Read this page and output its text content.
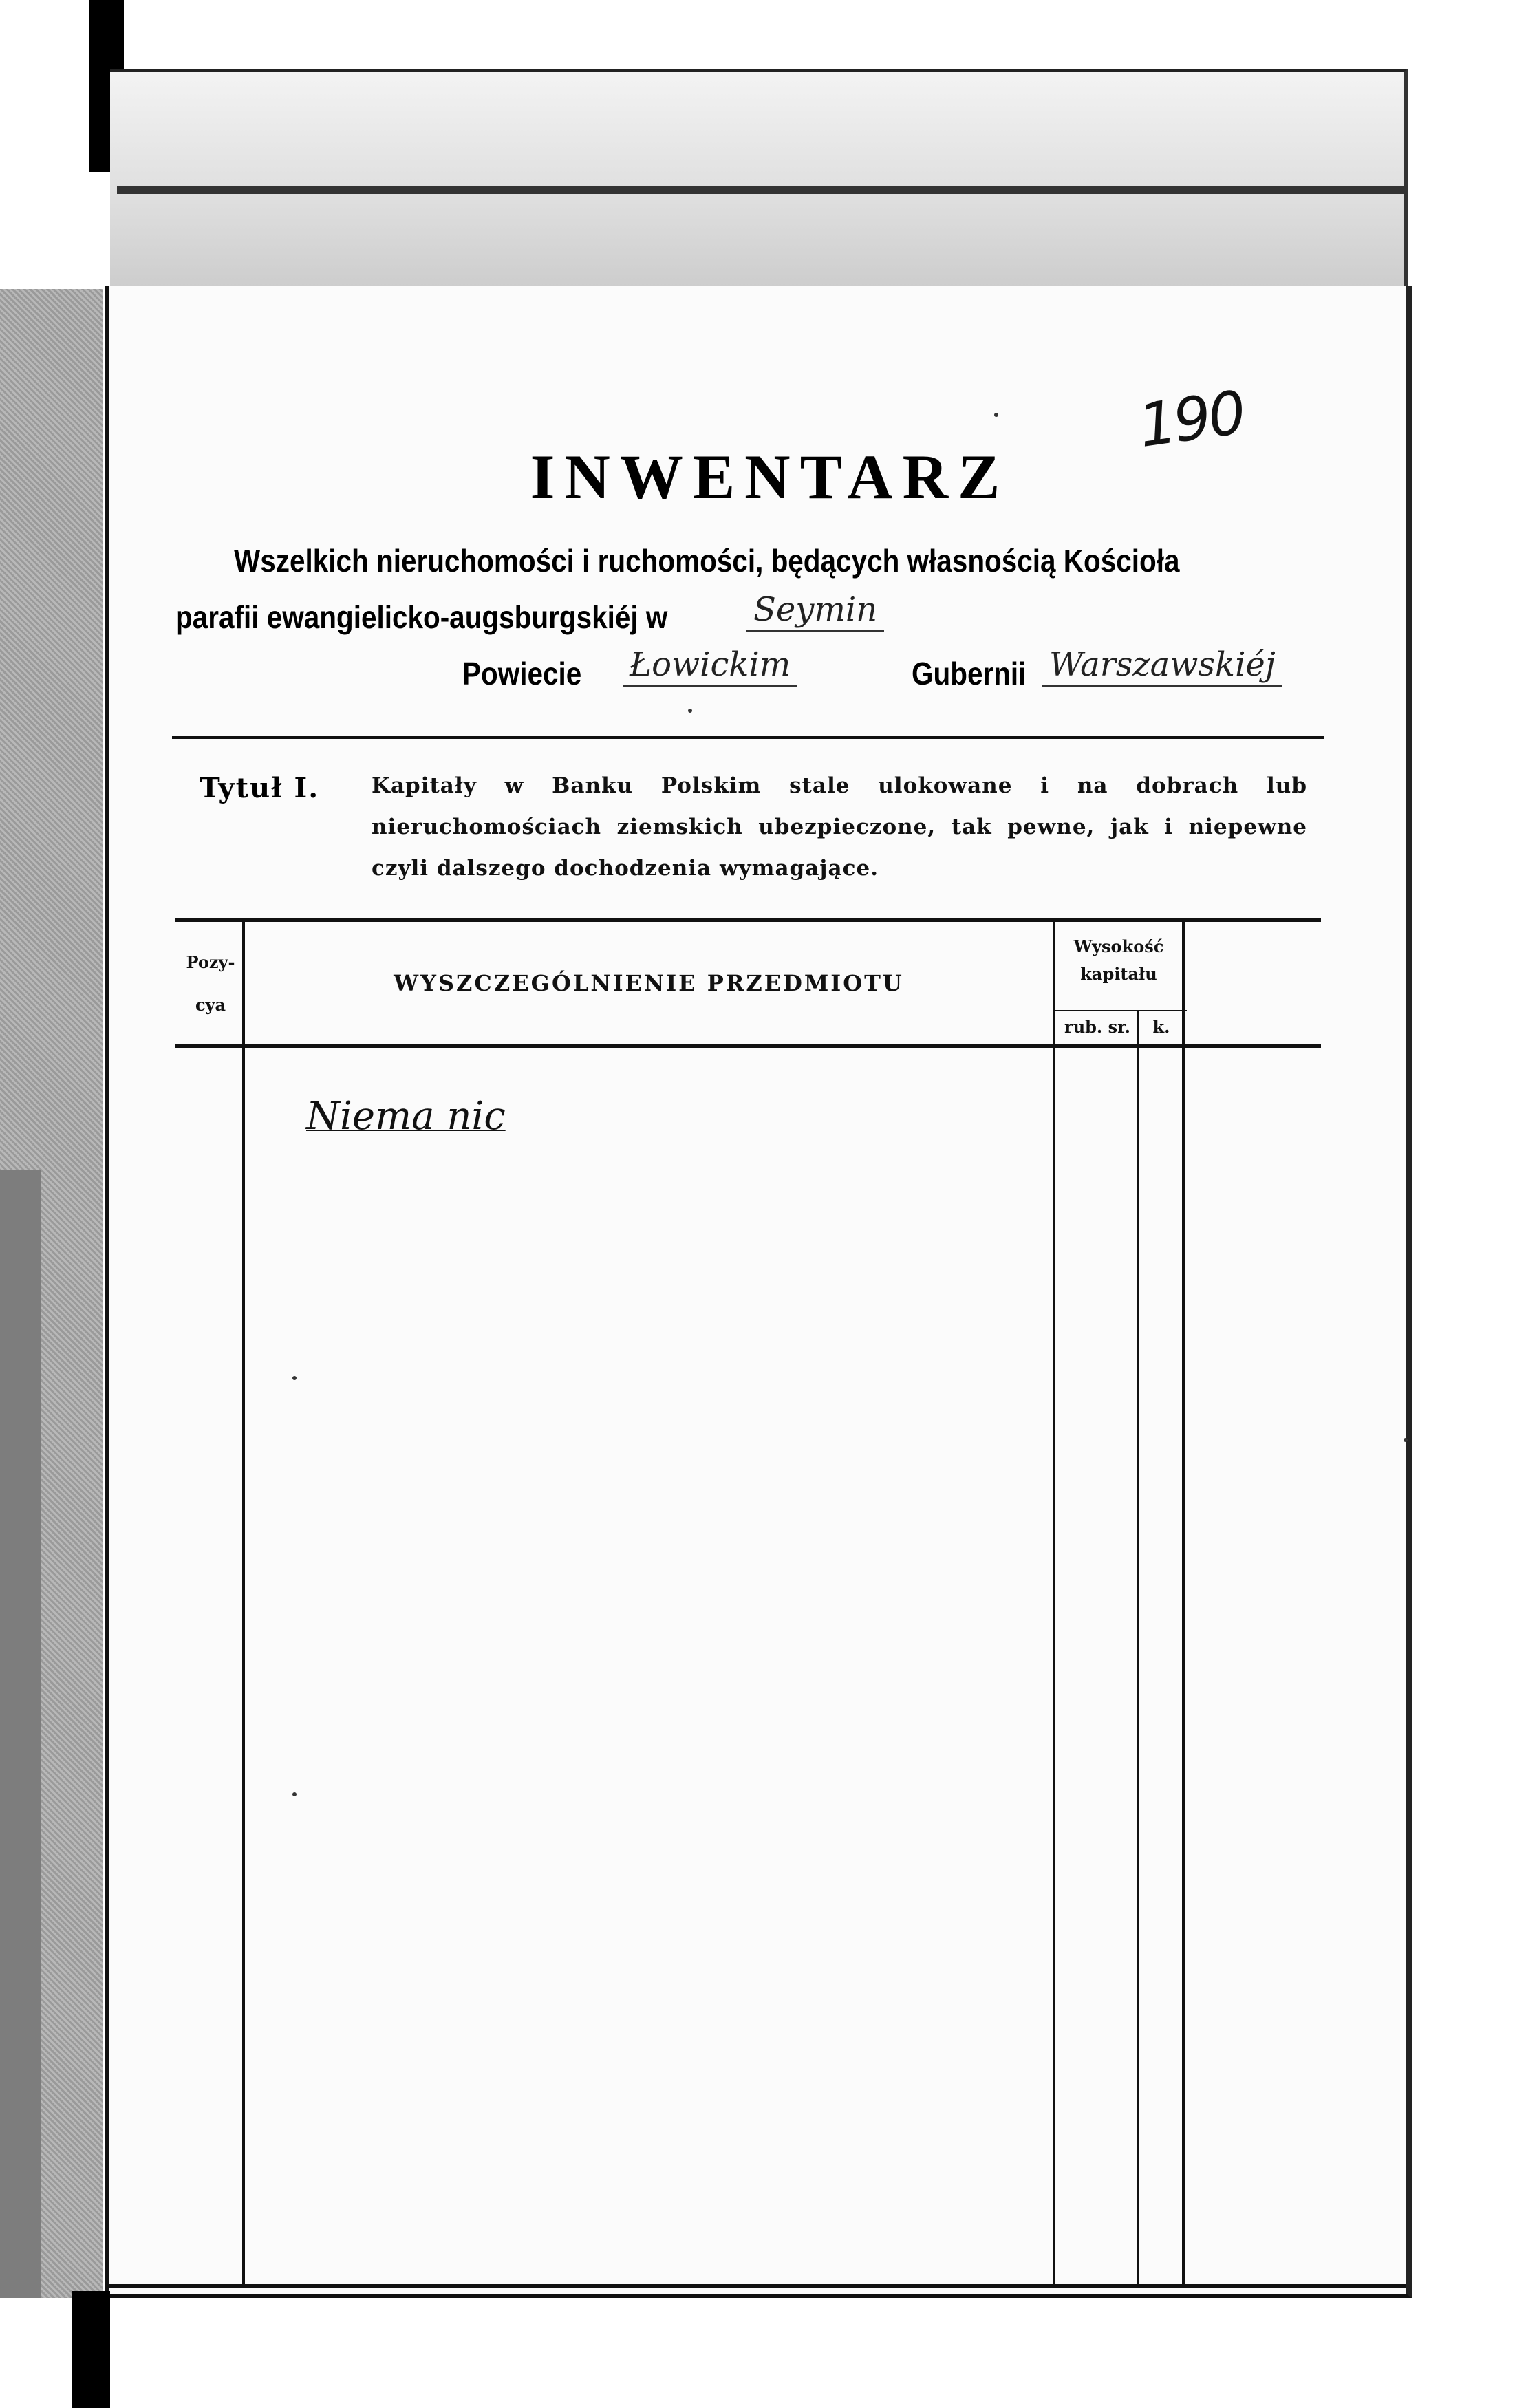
190
INWENTARZ
Wszelkich nieruchomości i ruchomości, będących własnością Kościoła
parafii ewangielicko-augsburgskiéj w	Seymin
Powiecie Łowickim	Gubernii Warszawskiéj
Tytuł I. Kapitały w Banku Polskim stale ulokowane i na dobrach lub nieruchomościach ziemskich ubezpieczone, tak pewne, jak i niepewne czyli dalszego dochodzenia wymagające.
Pozy-cya
WYSZCZEGÓLNIENIE PRZEDMIOTU
Wysokość kapitału
rub. sr.	k.
Niema nic
